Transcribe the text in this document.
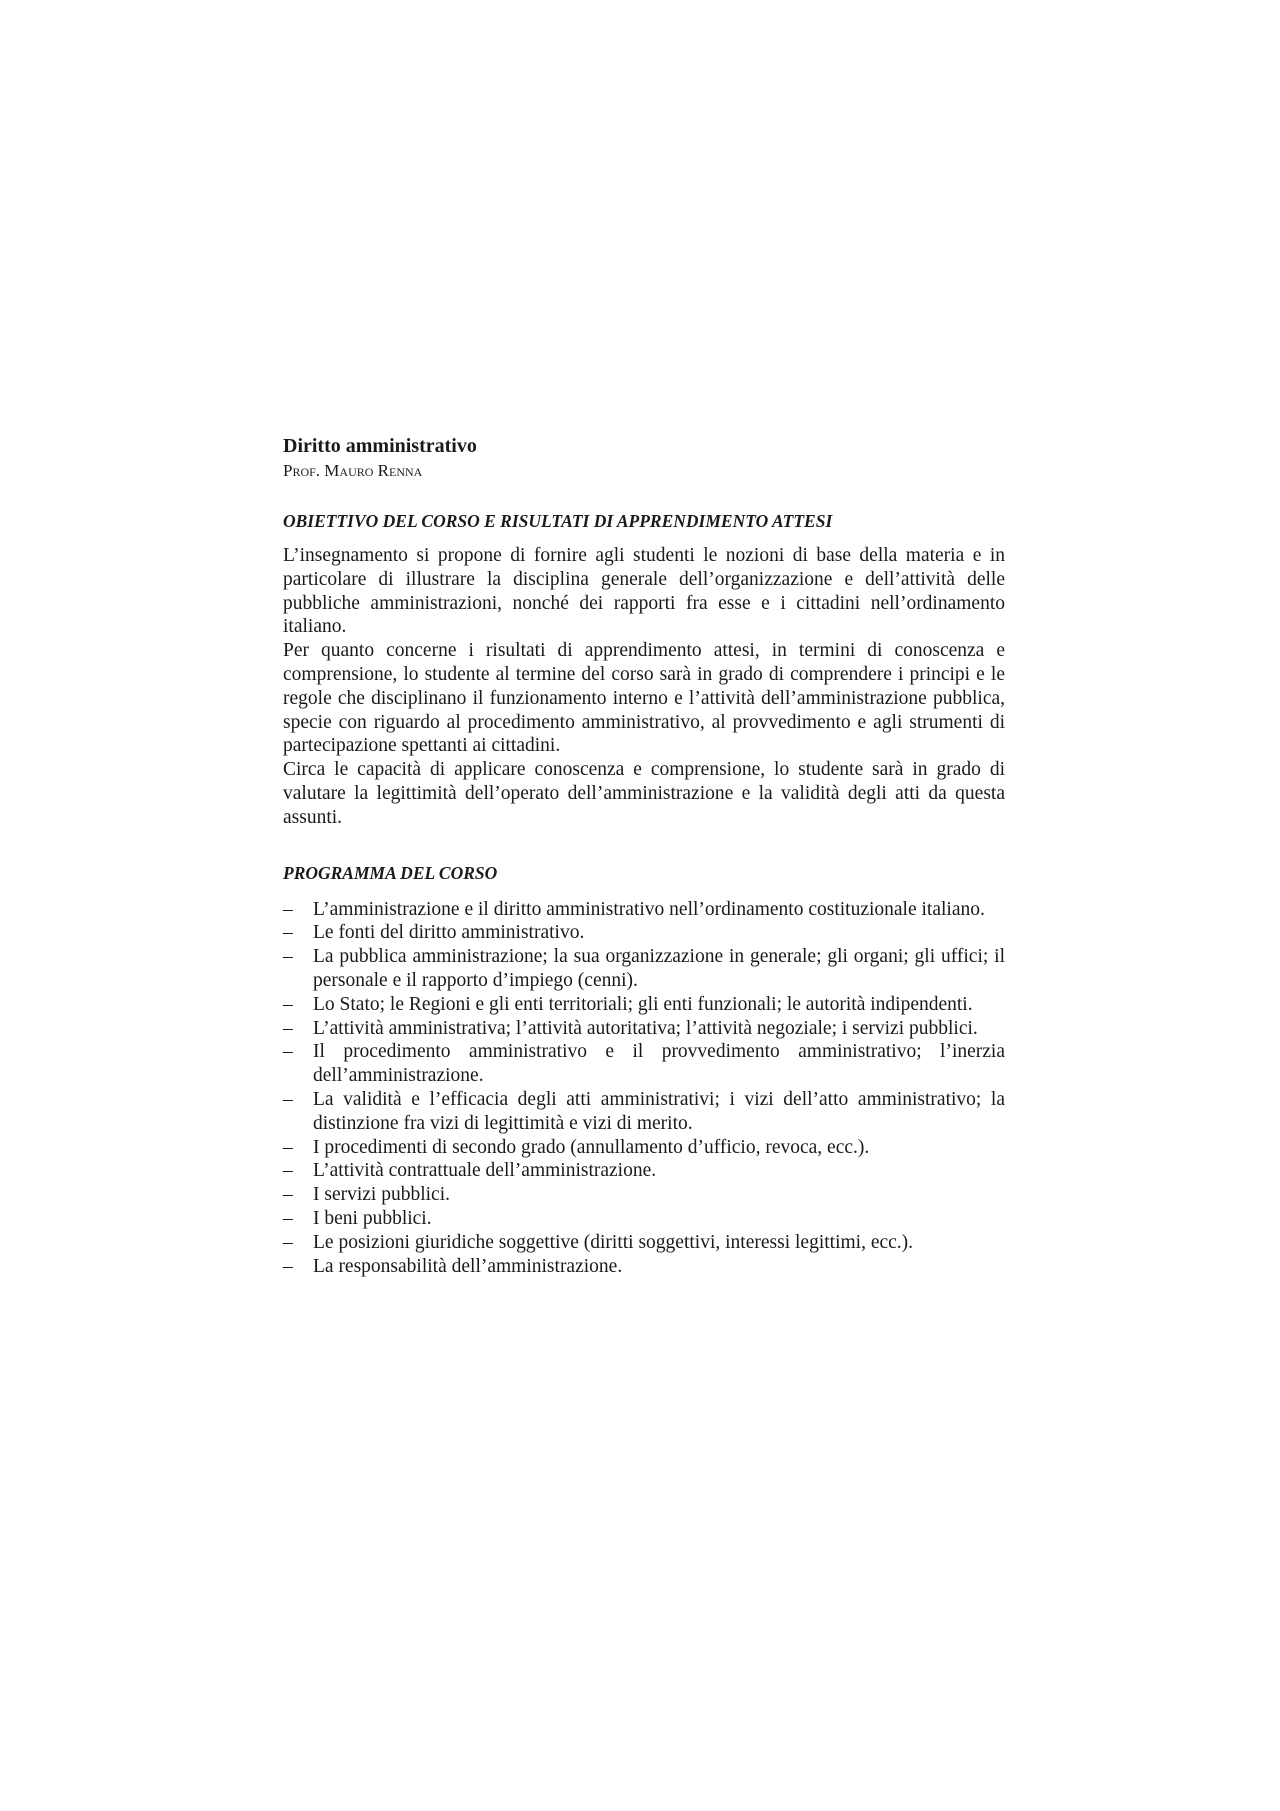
Diritto amministrativo

Prof. Mauro Renna

OBIETTIVO DEL CORSO E RISULTATI DI APPRENDIMENTO ATTESI

L’insegnamento si propone di fornire agli studenti le nozioni di base della materia e in particolare di illustrare la disciplina generale dell’organizzazione e dell’attività delle pubbliche amministrazioni, nonché dei rapporti fra esse e i cittadini nell’ordinamento italiano.

Per quanto concerne i risultati di apprendimento attesi, in termini di conoscenza e comprensione, lo studente al termine del corso sarà in grado di comprendere i principi e le regole che disciplinano il funzionamento interno e l’attività dell’amministrazione pubblica, specie con riguardo al procedimento amministrativo, al provvedimento e agli strumenti di partecipazione spettanti ai cittadini.

Circa le capacità di applicare conoscenza e comprensione, lo studente sarà in grado di valutare la legittimità dell’operato dell’amministrazione e la validità degli atti da questa assunti.

PROGRAMMA DEL CORSO
– L’amministrazione e il diritto amministrativo nell’ordinamento costituzionale italiano.
– Le fonti del diritto amministrativo.
– La pubblica amministrazione; la sua organizzazione in generale; gli organi; gli uffici; il personale e il rapporto d’impiego (cenni).
– Lo Stato; le Regioni e gli enti territoriali; gli enti funzionali; le autorità indipendenti.
– L’attività amministrativa; l’attività autoritativa; l’attività negoziale; i servizi pubblici.
– Il procedimento amministrativo e il provvedimento amministrativo; l’inerzia dell’amministrazione.
– La validità e l’efficacia degli atti amministrativi; i vizi dell’atto amministrativo; la distinzione fra vizi di legittimità e vizi di merito.
– I procedimenti di secondo grado (annullamento d’ufficio, revoca, ecc.).
– L’attività contrattuale dell’amministrazione.
– I servizi pubblici.
– I beni pubblici.
– Le posizioni giuridiche soggettive (diritti soggettivi, interessi legittimi, ecc.).
– La responsabilità dell’amministrazione.
